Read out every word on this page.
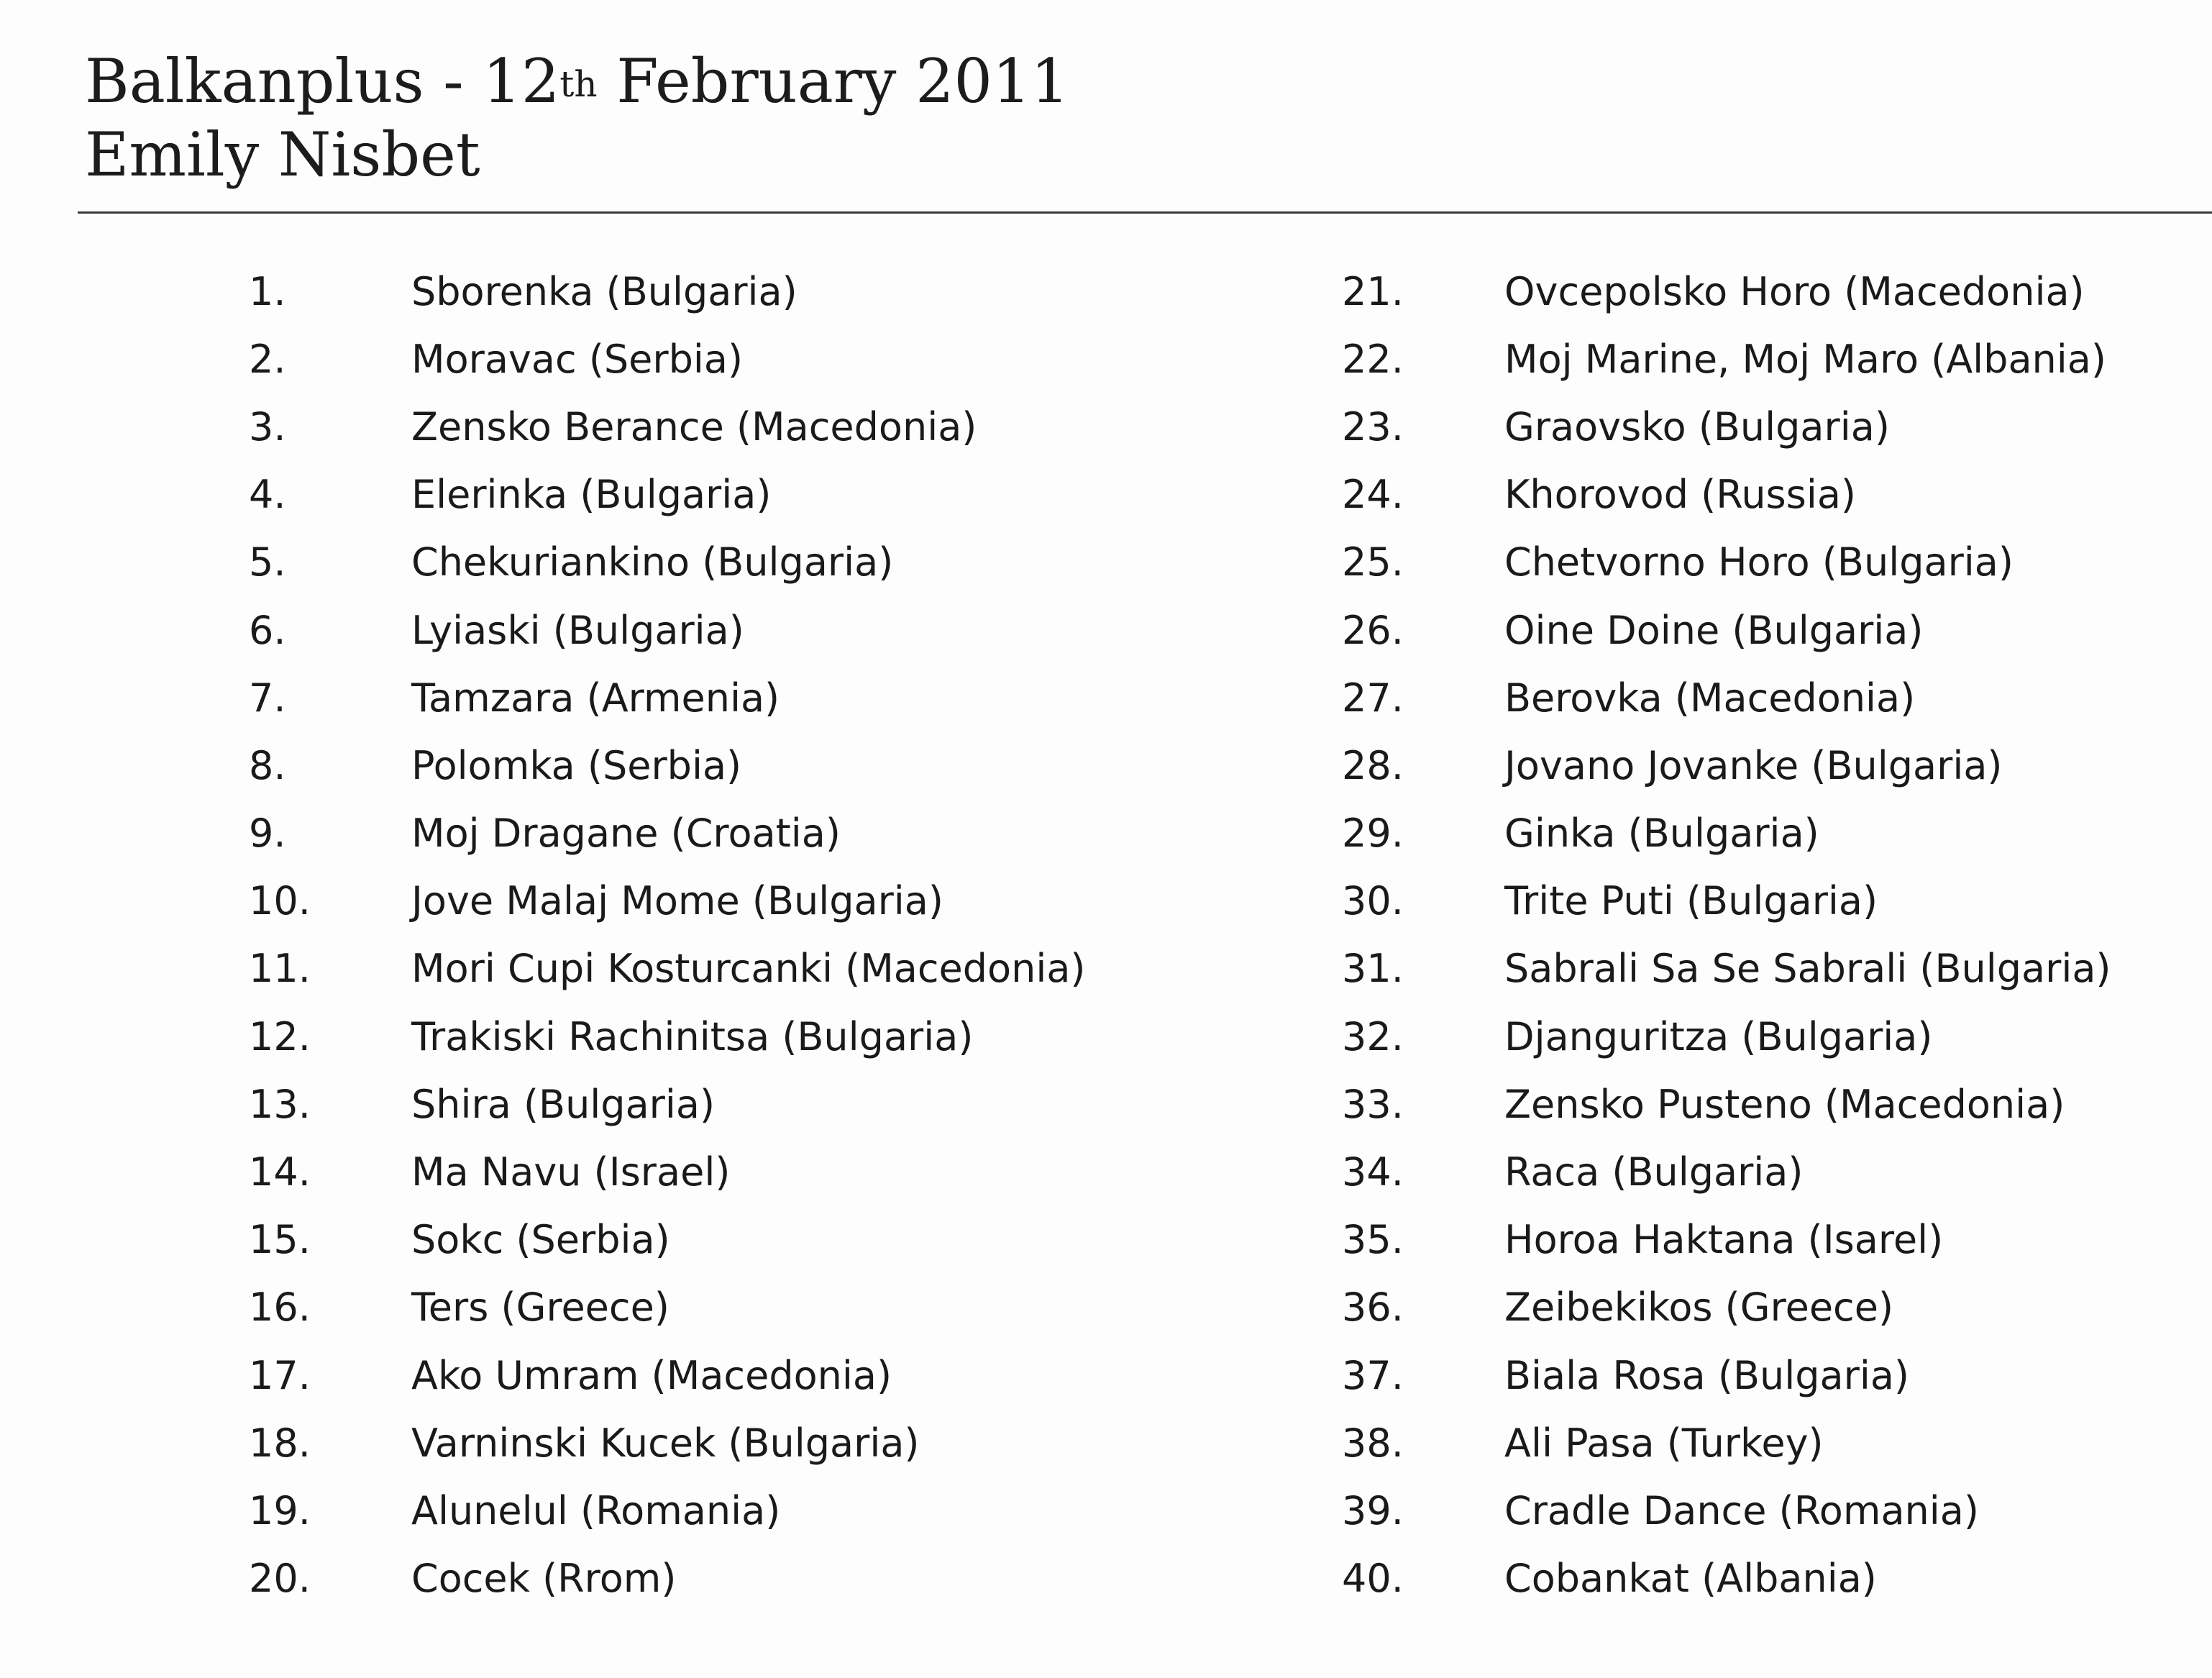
Balkanplus - 12th February 2011
Emily Nisbet
1.	Sborenka (Bulgaria)
2.	Moravac (Serbia)
3.	Zensko Berance (Macedonia)
4.	Elerinka (Bulgaria)
5.	Chekuriankino (Bulgaria)
6.	Lyiaski (Bulgaria)
7.	Tamzara (Armenia)
8.	Polomka (Serbia)
9.	Moj Dragane (Croatia)
10.	Jove Malaj Mome (Bulgaria)
11.	Mori Cupi Kosturcanki (Macedonia)
12.	Trakiski Rachinitsa (Bulgaria)
13.	Shira (Bulgaria)
14.	Ma Navu (Israel)
15.	Sokc (Serbia)
16.	Ters (Greece)
17.	Ako Umram (Macedonia)
18.	Varninski Kucek (Bulgaria)
19.	Alunelul (Romania)
20.	Cocek (Rrom)
21.	Ovcepolsko Horo (Macedonia)
22.	Moj Marine, Moj Maro (Albania)
23.	Graovsko (Bulgaria)
24.	Khorovod (Russia)
25.	Chetvorno Horo (Bulgaria)
26.	Oine Doine (Bulgaria)
27.	Berovka (Macedonia)
28.	Jovano Jovanke (Bulgaria)
29.	Ginka (Bulgaria)
30.	Trite Puti (Bulgaria)
31.	Sabrali Sa Se Sabrali (Bulgaria)
32.	Djanguritza (Bulgaria)
33.	Zensko Pusteno (Macedonia)
34.	Raca (Bulgaria)
35.	Horoa Haktana (Isarel)
36.	Zeibekikos (Greece)
37.	Biala Rosa (Bulgaria)
38.	Ali Pasa (Turkey)
39.	Cradle Dance (Romania)
40.	Cobankat (Albania)
